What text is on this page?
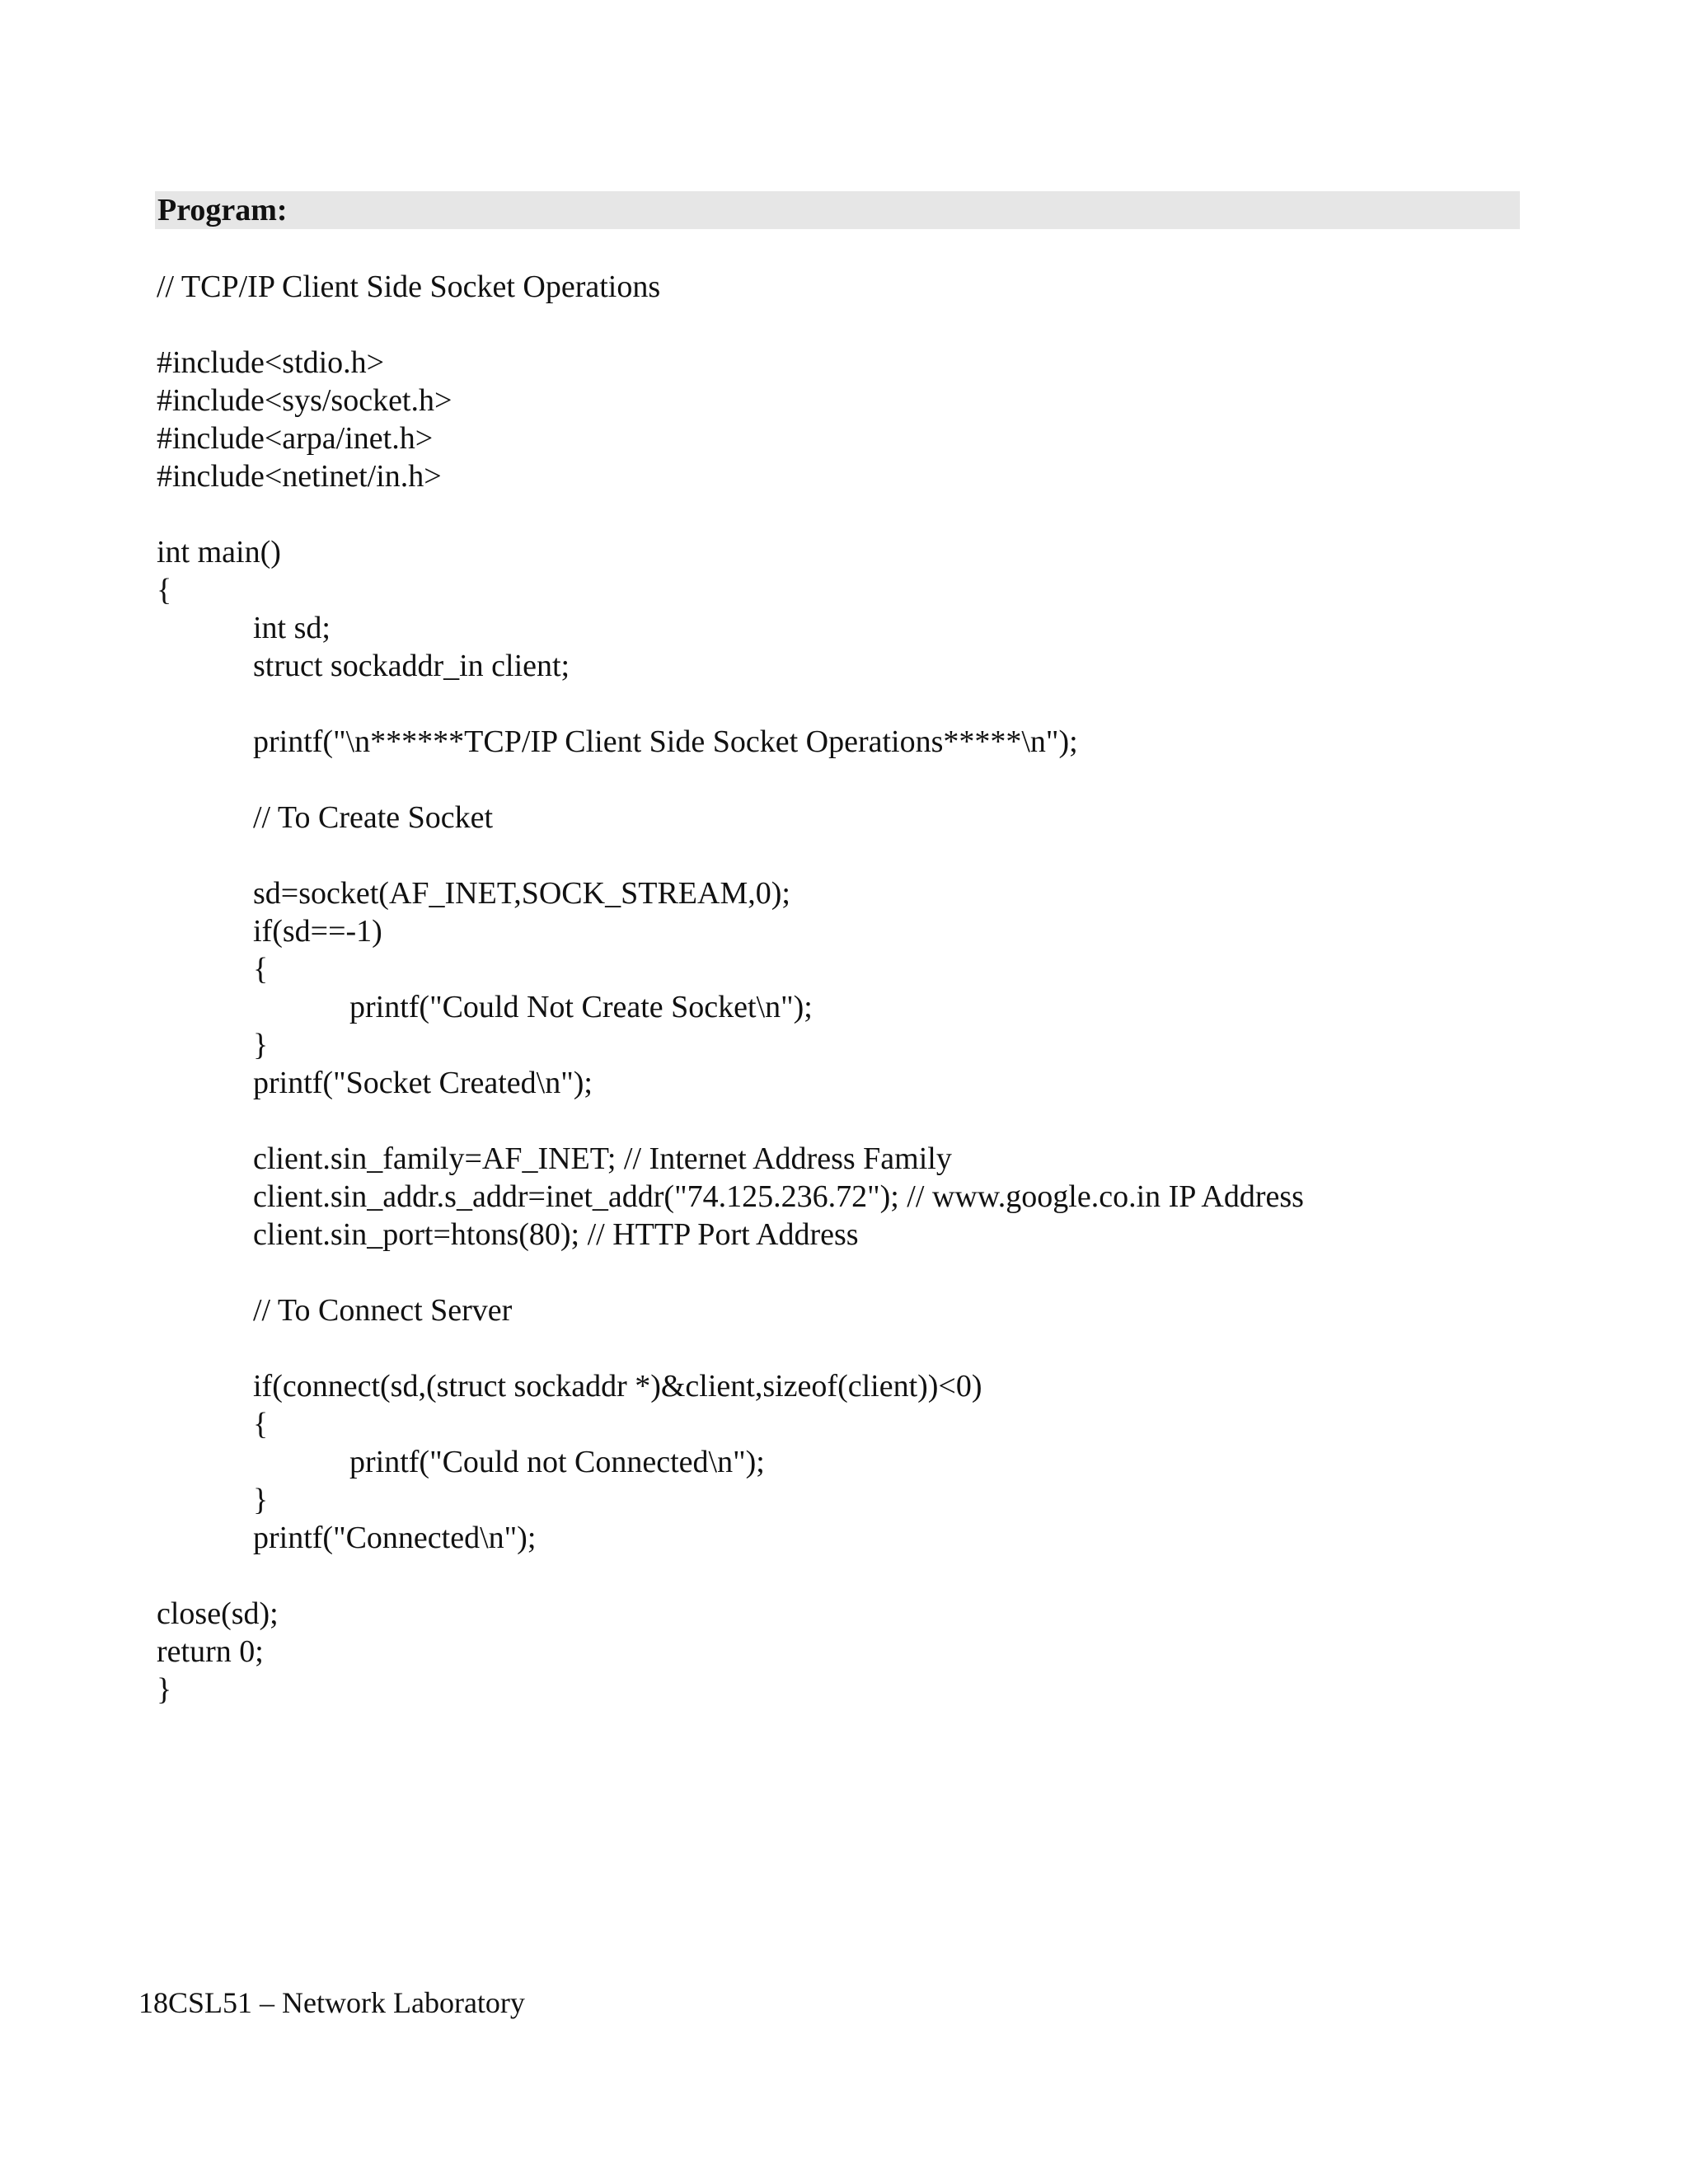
Program:
// TCP/IP Client Side Socket Operations
#include<stdio.h>
#include<sys/socket.h>
#include<arpa/inet.h>
#include<netinet/in.h>
int main()
{
int sd;
struct sockaddr_in client;
printf("\n******TCP/IP Client Side Socket Operations*****\n");
// To Create Socket
sd=socket(AF_INET,SOCK_STREAM,0);
if(sd==-1)
{
printf("Could Not Create Socket\n");
}
printf("Socket Created\n");
client.sin_family=AF_INET; // Internet Address Family
client.sin_addr.s_addr=inet_addr("74.125.236.72"); // www.google.co.in IP Address
client.sin_port=htons(80); // HTTP Port Address
// To Connect Server
if(connect(sd,(struct sockaddr *)&client,sizeof(client))<0)
{
printf("Could not Connected\n");
}
printf("Connected\n");
close(sd);
return 0;
}
18CSL51 – Network Laboratory
